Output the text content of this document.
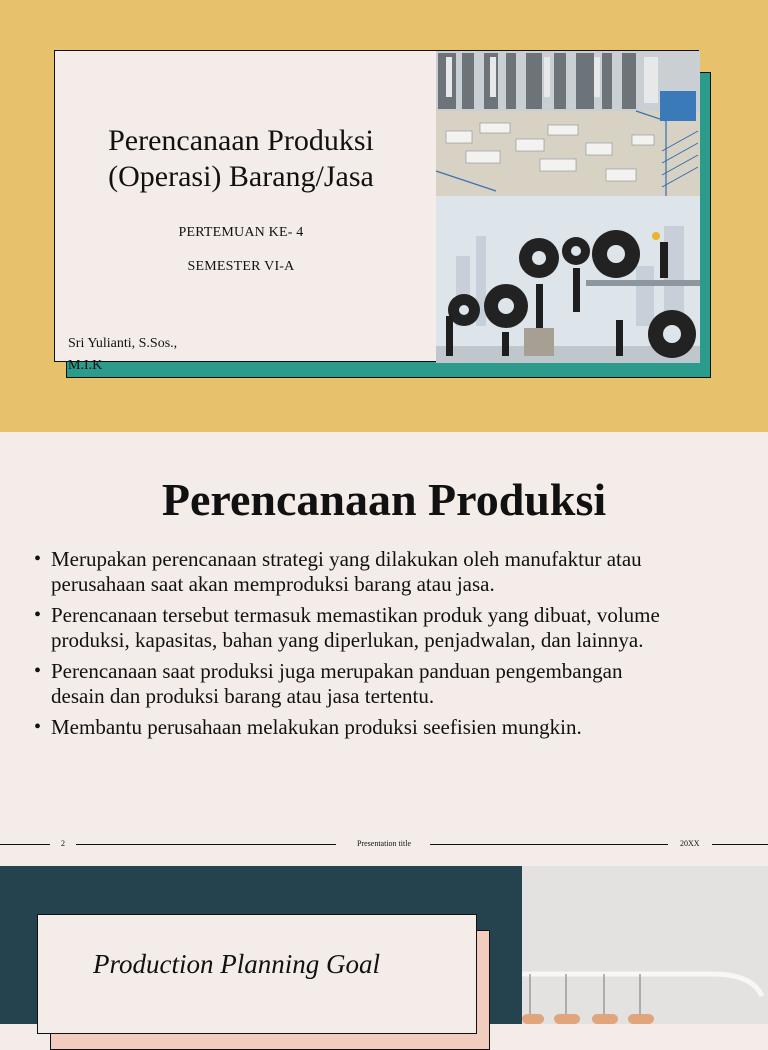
Perencanaan Produksi
(Operasi) Barang/Jasa
PERTEMUAN KE- 4
SEMESTER VI-A
Sri Yulianti, S.Sos.,
M.I.K
Perencanaan Produksi
• Merupakan perencanaan strategi yang dilakukan oleh manufaktur atau
perusahaan saat akan memproduksi barang atau jasa.
• Perencanaan tersebut termasuk memastikan produk yang dibuat, volume
produksi, kapasitas, bahan yang diperlukan, penjadwalan, dan lainnya.
• Perencanaan saat produksi juga merupakan panduan pengembangan
desain dan produksi barang atau jasa tertentu.
• Membantu perusahaan melakukan produksi seefisien mungkin.
2	Presentation title	20XX
Production Planning Goal
